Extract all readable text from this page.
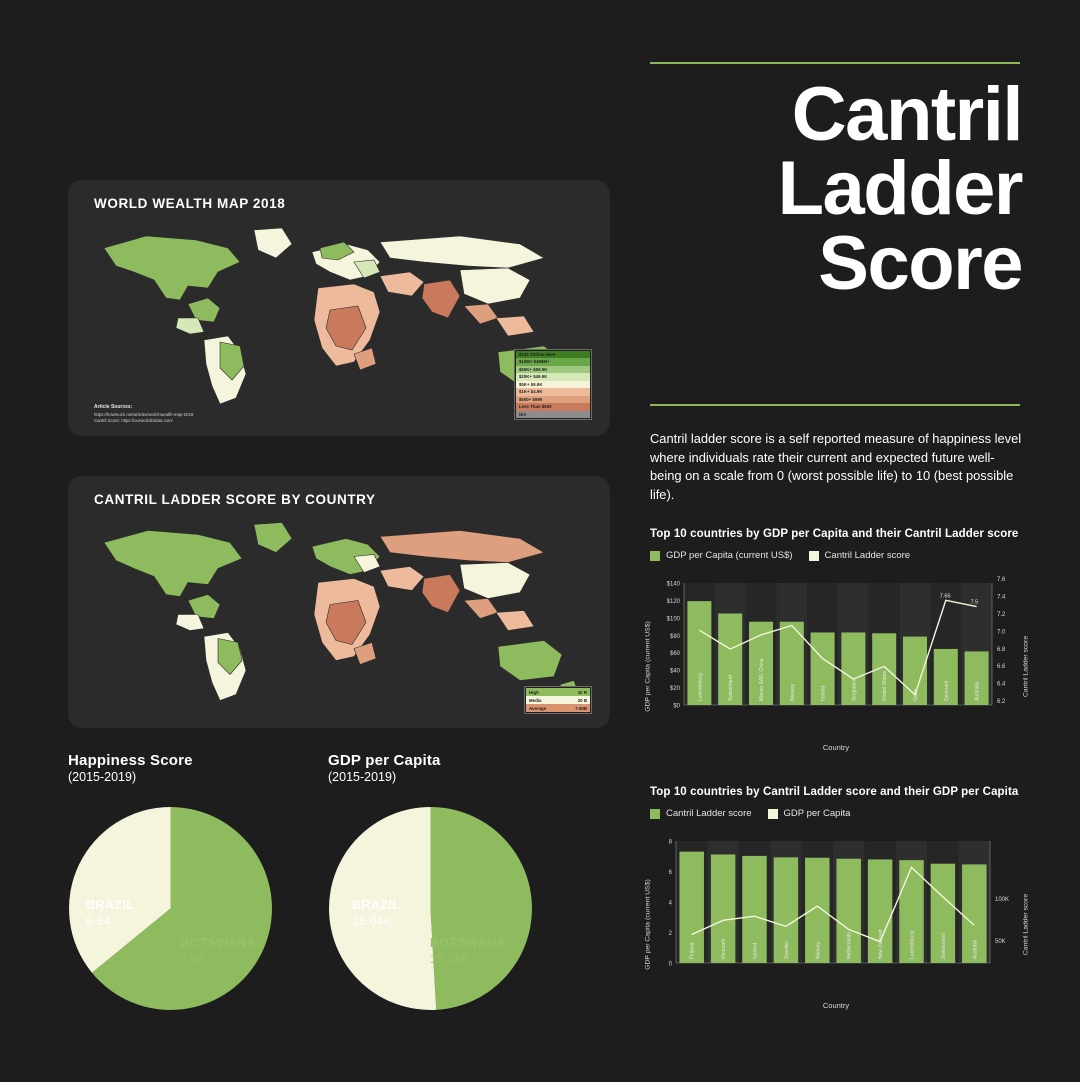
WORLD WEALTH MAP 2018
Article Sources:
https://howmuch.net/articles/world-wealth-map-2018
Cantril Score: https://ourworldindata.com/
$120 Trillion Here
$10M+ $499M+
$50K+ $99.9K
$20K+ $49.9K
$5K+ $9.9K
$1K+ $4.9K
$500+ $999
Less Than $500
N/A
CANTRIL LADDER SCORE BY COUNTRY
High	10 R
Media	20 B
Average	7.50B
Happiness Score
(2015-2019)
BRAZIL
6.54
BOTSWANA
3.66
GDP per Capita
(2015-2019)
BRAZIL
15.04K
BOTSWANA
15.56K
Cantril
Ladder
Score

Cantril ladder score is a self reported measure of happiness level where individuals rate their current and expected future well-being on a scale from 0 (worst possible life) to 10 (best possible life).

Top 10 countries by GDP per Capita and their Cantril Ladder score
GDP per Capita (current US$)	Cantril Ladder score
$0
$20
$40
$60
$80
$100
$120
$140
6.2
6.4
6.6
6.8
7.0
7.2
7.4
7.6
Luxembourg	Switzerland	Macao SAR, China	Norway	Ireland	Singapore	United States	Qatar	Denmark	Australia
7.65
7.5
Country
GDP per Capita (current US$)	Cantril Ladder score
Top 10 countries by Cantril Ladder score and their GDP per Capita
Cantril Ladder score	GDP per Capita
0
2
4
6
8
50K
100K
Finland	Denmark	Iceland	Sweden	Norway	Netherlands	New Zealand	Luxembourg	Switzerland	Australia
Country
GDP per Capita (current US$)	Cantril Ladder score
